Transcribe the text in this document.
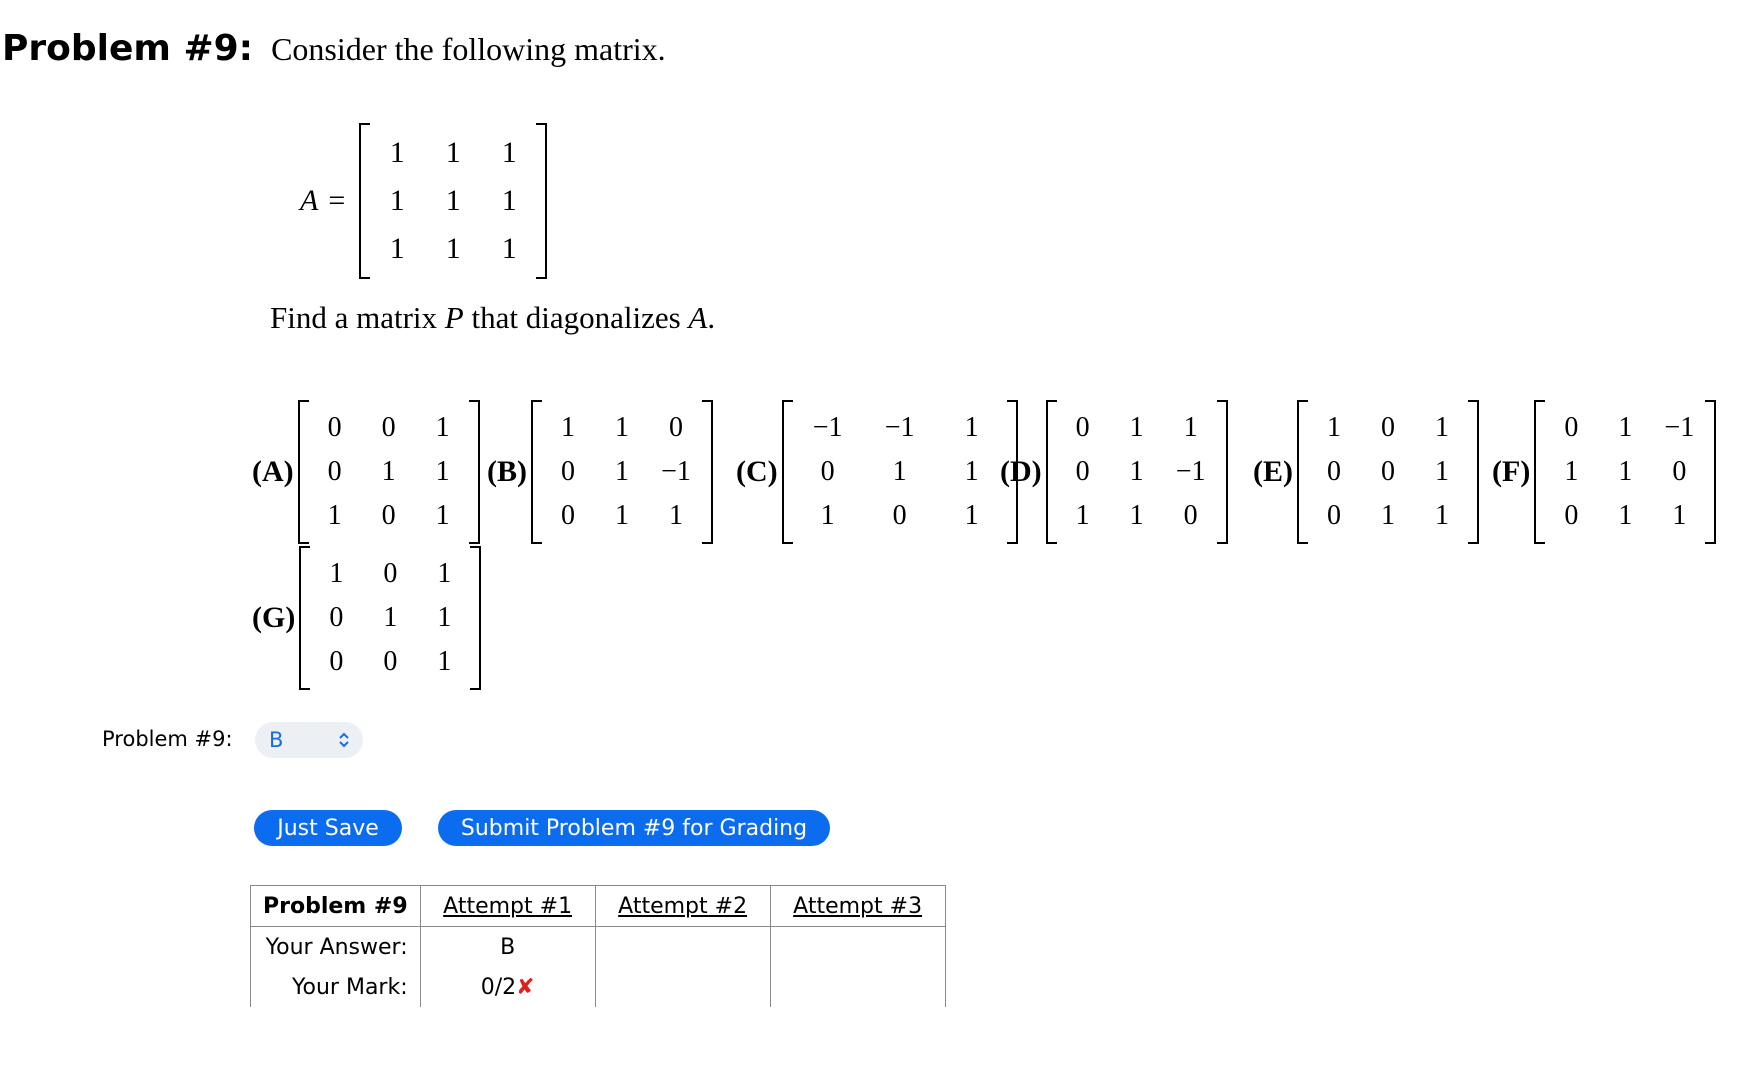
Problem #9: Consider the following matrix.
A =
1	1	1
1	1	1
1	1	1
Find a matrix P that diagonalizes A.
(A)
0	0	1
0	1	1
1	0	1
(B)
1	1	0
0	1	−1
0	1	1
(C)
−1	−1	1
0	1	1
1	0	1
(D)
0	1	1
0	1	−1
1	1	0
(E)
1	0	1
0	0	1
0	1	1
(F)
0	1	−1
1	1	0
0	1	1
(G)
1	0	1
0	1	1
0	0	1
Problem #9: B
Just Save	Submit Problem #9 for Grading
Problem #9	Attempt #1	Attempt #2	Attempt #3
Your Answer:	B		
Your Mark:	0/2✘		
